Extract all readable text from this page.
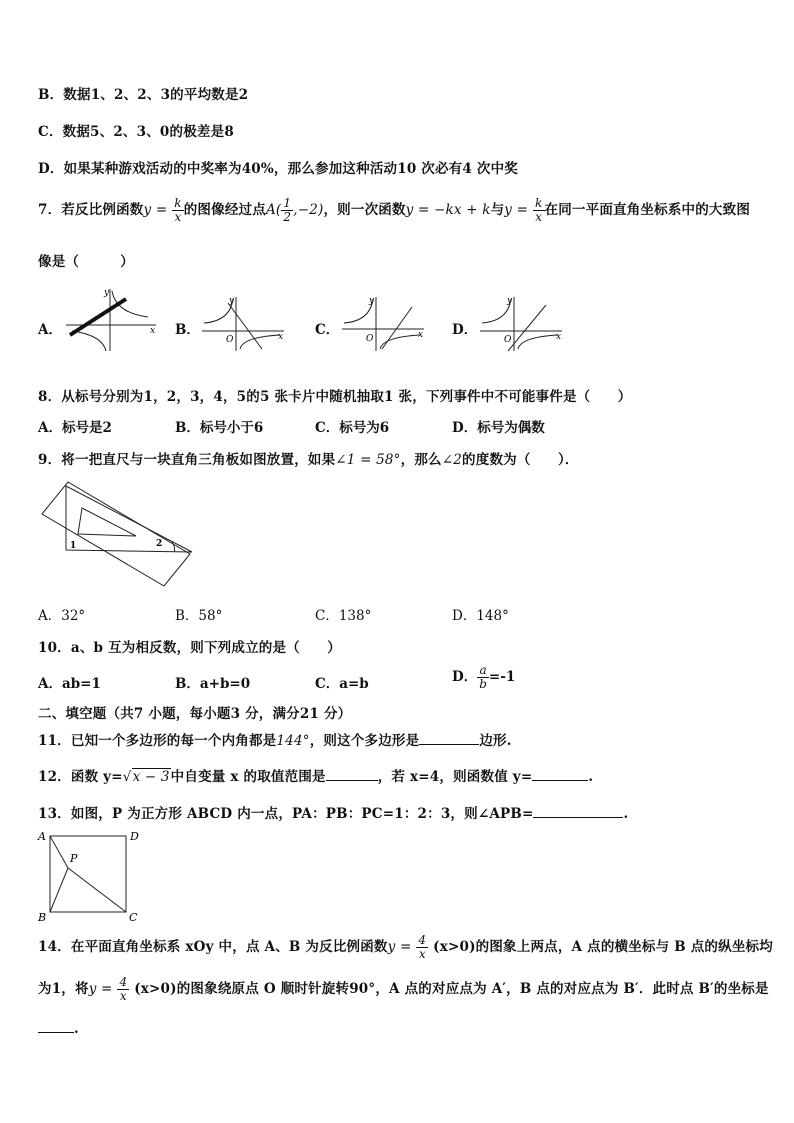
B．数据1、2、2、3的平均数是2
C．数据5、2、3、0的极差是8
D．如果某种游戏活动的中奖率为40%，那么参加这种活动10 次必有4 次中奖
7．若反比例函数$y = \frac{k}{x}$ 的图像经过点$A( \frac{1}{2} ,-2)$，则一次函数y = −kx + k与$y = \frac{k}{x}$ 在同一平面直角坐标系中的大致图
像是（　　　）
A．	B．	C．	D．
x
y
x
y
O	x
y
O	x
y
O
8．从标号分别为1，2，3，4，5的5 张卡片中随机抽取1 张，下列事件中不可能事件是（　　）
A．标号是2	B．标号小于6	C．标号为6	D．标号为偶数
9．将一把直尺与一块直角三角板如图放置，如果∠1 = 58°，那么∠2的度数为（　　）．
1	2
A．32°	B．58°	C．138°	D．148°
10．a、b 互为相反数，则下列成立的是（　　）
A．ab=1	B．a+b=0	C．a=b	D． $\frac{a}{b} =-1$
二、填空题（共7 小题，每小题3 分，满分21 分）
11．已知一个多边形的每一个内角都是144°，则这个多边形是	边形.
12．函数 y=√x − 3中自变量 x 的取值范围是	，若 x=4，则函数值 y=	.
13．如图，P 为正方形 ABCD 内一点，PA：PB：PC=1：2：3，则∠APB=	.
A	D
B	C
P
14．在平面直角坐标系 xOy 中，点 A、B 为反比例函数$y = \frac{4}{x} (x>0)$的图象上两点，A 点的横坐标与 B 点的纵坐标均
为1，将$y = \frac{4}{x} (x>0)$的图象绕原点 O 顺时针旋转90°，A 点的对应点为 A′，B 点的对应点为 B′．此时点 B′的坐标是
.
